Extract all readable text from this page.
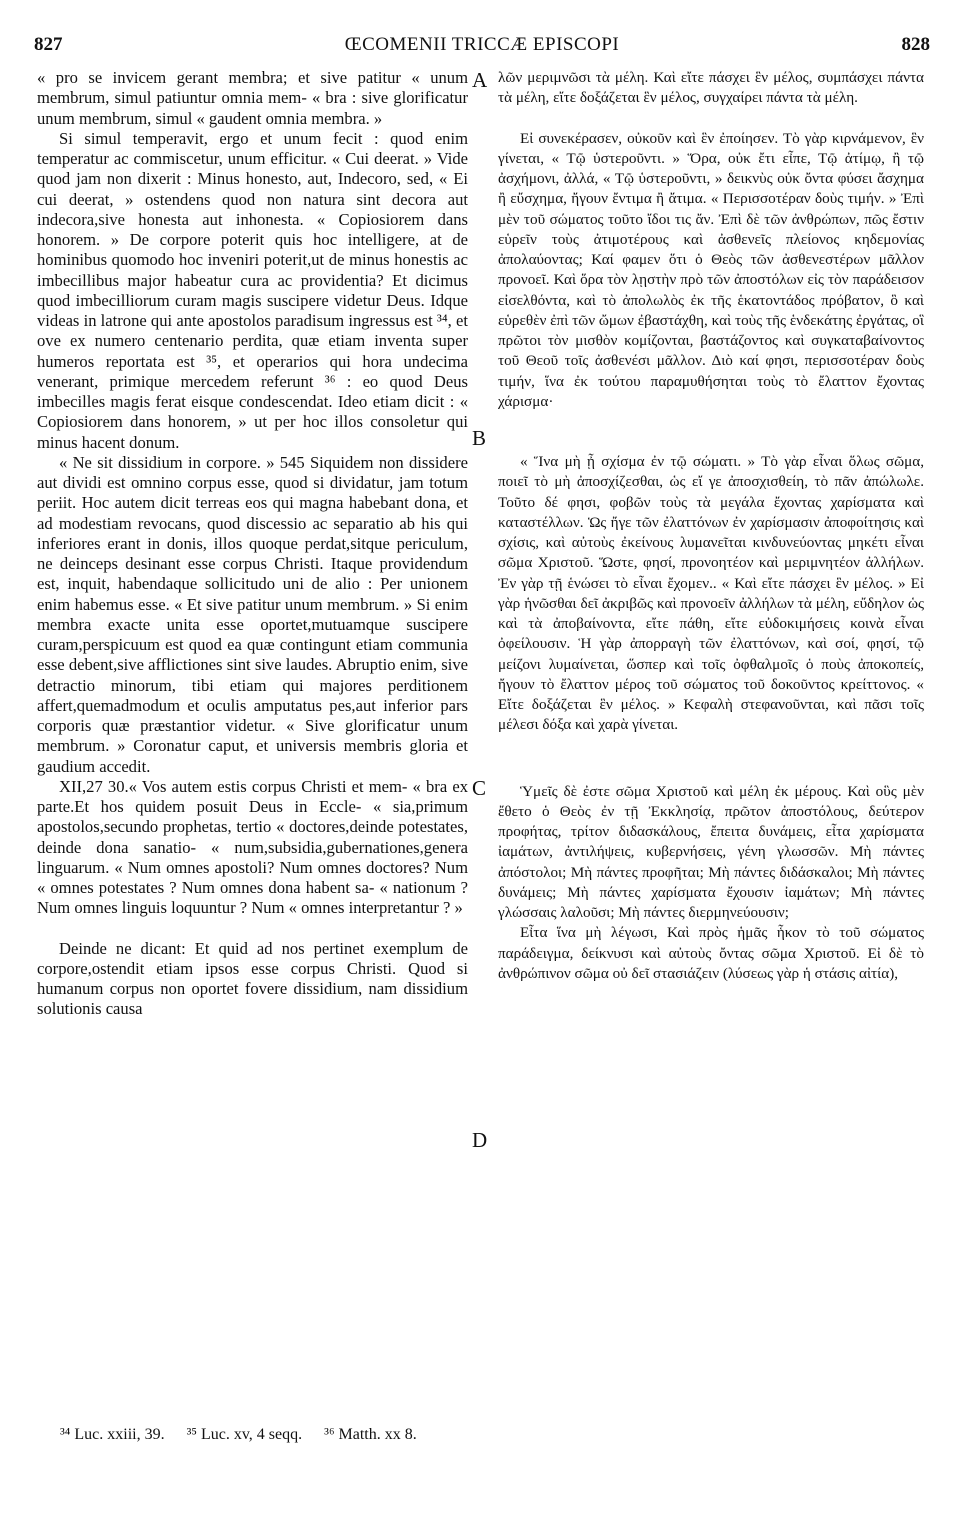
827	ŒCOMENII TRICCÆ EPISCOPI	828
A
B
C
D

« pro se invicem gerant membra; et sive patitur « unum membrum, simul patiuntur omnia mem- « bra : sive glorificatur unum membrum, simul « gaudent omnia membra. »

Si simul temperavit, ergo et unum fecit : quod enim temperatur ac commiscetur, unum efficitur. « Cui deerat. » Vide quod jam non dixerit : Minus honesto, aut, Indecoro, sed, « Ei cui deerat, » ostendens quod non natura sint decora aut indecora,sive honesta aut inhonesta. « Copiosiorem dans honorem. » De corpore poterit quis hoc intelligere, at de hominibus quomodo hoc inveniri poterit,ut de minus honestis ac imbecillibus major habeatur cura ac providentia? Et dicimus quod imbecilliorum curam magis suscipere videtur Deus. Idque videas in latrone qui ante apostolos paradisum ingressus est ³⁴, et ove ex numero centenario perdita, quæ etiam inventa super humeros reportata est ³⁵, et operarios qui hora undecima venerant, primique mercedem referunt ³⁶ : eo quod Deus imbecilles magis ferat eisque condescendat. Ideo etiam dicit : « Copiosiorem dans honorem, » ut per hoc illos consoletur qui minus hacent donum.

« Ne sit dissidium in corpore. » 545 Siquidem non dissidere aut dividi est omnino corpus esse, quod si dividatur, jam totum periit. Hoc autem dicit terreas eos qui magna habebant dona, et ad modestiam revocans, quod discessio ac separatio ab his qui inferiores erant in donis, illos quoque perdat,sitque periculum, ne deinceps desinant esse corpus Christi. Itaque providendum est, inquit, habendaque sollicitudo uni de alio : Per unionem enim habemus esse. « Et sive patitur unum membrum. » Si enim membra exacte unita esse oportet,mutuamque suscipere curam,perspicuum est quod ea quæ contingunt etiam communia esse debent,sive afflictiones sint sive laudes. Abruptio enim, sive detractio minorum, tibi etiam qui majores perditionem affert,quemadmodum et oculis amputatus pes,aut inferior pars corporis quæ præstantior videtur. « Sive glorificatur unum membrum. » Coronatur caput, et universis membris gloria et gaudium accedit.

XII,27 30.« Vos autem estis corpus Christi et mem- « bra ex parte.Et hos quidem posuit Deus in Eccle- « sia,primum apostolos,secundo prophetas, tertio « doctores,deinde potestates, deinde dona sanatio- « num,subsidia,gubernationes,genera linguarum. « Num omnes apostoli? Num omnes doctores? Num « omnes potestates ? Num omnes dona habent sa- « nationum ? Num omnes linguis loquuntur ? Num « omnes interpretantur ? »

Deinde ne dicant: Et quid ad nos pertinet exemplum de corpore,ostendit etiam ipsos esse corpus Christi. Quod si humanum corpus non oportet fovere dissidium, nam dissidium solutionis causa

λῶν μεριμνῶσι τὰ μέλη. Καὶ εἴτε πάσχει ἓν μέλος, συμπάσχει πάντα τὰ μέλη, εἴτε δοξάζεται ἓν μέλος, συγχαίρει πάντα τὰ μέλη.

Εἰ συνεκέρασεν, οὐκοῦν καὶ ἓν ἐποίησεν. Τὸ γὰρ κιρνάμενον, ἓν γίνεται, « Τῷ ὑστεροῦντι. » Ὅρα, οὐκ ἔτι εἶπε, Τῷ ἀτίμῳ, ἢ τῷ ἀσχήμονι, ἀλλά, « Τῷ ὑστεροῦντι, » δεικνὺς οὐκ ὄντα φύσει ἄσχημα ἢ εὔσχημα, ἤγουν ἔντιμα ἢ ἄτιμα. « Περισσοτέραν δοὺς τιμήν. » Ἐπὶ μὲν τοῦ σώματος τοῦτο ἴδοι τις ἄν. Ἐπὶ δὲ τῶν ἀνθρώπων, πῶς ἔστιν εὑρεῖν τοὺς ἀτιμοτέρους καὶ ἀσθενεῖς πλείονος κηδεμονίας ἀπολαύοντας; Καί φαμεν ὅτι ὁ Θεὸς τῶν ἀσθενεστέρων μᾶλλον προνοεῖ. Καὶ ὅρα τὸν λῃστὴν πρὸ τῶν ἀποστόλων εἰς τὸν παράδεισον εἰσελθόντα, καὶ τὸ ἀπολωλὸς ἐκ τῆς ἑκατοντάδος πρόβατον, ὃ καὶ εὑρεθὲν ἐπὶ τῶν ὤμων ἐβαστάχθη, καὶ τοὺς τῆς ἑνδεκάτης ἐργάτας, οἳ πρῶτοι τὸν μισθὸν κομίζονται, βαστάζοντος καὶ συγκαταβαίνοντος τοῦ Θεοῦ τοῖς ἀσθενέσι μᾶλλον. Διὸ καί φησι, περισσοτέραν δοὺς τιμήν, ἵνα ἐκ τούτου παραμυθήσηται τοὺς τὸ ἔλαττον ἔχοντας χάρισμα·

« Ἵνα μὴ ᾖ σχίσμα ἐν τῷ σώματι. » Τὸ γὰρ εἶναι ὅλως σῶμα, ποιεῖ τὸ μὴ ἀποσχίζεσθαι, ὡς εἴ γε ἀποσχισθείη, τὸ πᾶν ἀπώλωλε. Τοῦτο δέ φησι, φοβῶν τοὺς τὰ μεγάλα ἔχοντας χαρίσματα καὶ καταστέλλων. Ὡς ἤγε τῶν ἐλαττόνων ἐν χαρίσμασιν ἀποφοίτησις καὶ σχίσις, καὶ αὐτοὺς ἐκείνους λυμανεῖται κινδυνεύοντας μηκέτι εἶναι σῶμα Χριστοῦ. Ὥστε, φησί, προνοητέον καὶ μεριμνητέον ἀλλήλων. Ἐν γὰρ τῇ ἑνώσει τὸ εἶναι ἔχομεν.. « Καὶ εἴτε πάσχει ἓν μέλος. » Εἰ γὰρ ἡνῶσθαι δεῖ ἀκριβῶς καὶ προνοεῖν ἀλλήλων τὰ μέλη, εὔδηλον ὡς καὶ τὰ ἀποβαίνοντα, εἴτε πάθη, εἴτε εὐδοκιμήσεις κοινὰ εἶναι ὀφείλουσιν. Ἡ γὰρ ἀπορραγὴ τῶν ἐλαττόνων, καὶ σοί, φησί, τῷ μείζονι λυμαίνεται, ὥσπερ καὶ τοῖς ὀφθαλμοῖς ὁ ποὺς ἀποκοπείς, ἤγουν τὸ ἔλαττον μέρος τοῦ σώματος τοῦ δοκοῦντος κρείττονος. « Εἴτε δοξάζεται ἓν μέλος. » Κεφαλὴ στεφανοῦνται, καὶ πᾶσι τοῖς μέλεσι δόξα καὶ χαρὰ γίνεται.

Ὑμεῖς δὲ ἐστε σῶμα Χριστοῦ καὶ μέλη ἐκ μέρους. Καὶ οὓς μὲν ἔθετο ὁ Θεὸς ἐν τῇ Ἐκκλησίᾳ, πρῶτον ἀποστόλους, δεύτερον προφήτας, τρίτον διδασκάλους, ἔπειτα δυνάμεις, εἶτα χαρίσματα ἰαμάτων, ἀντιλήψεις, κυβερνήσεις, γένη γλωσσῶν. Μὴ πάντες ἀπόστολοι; Μὴ πάντες προφῆται; Μὴ πάντες διδάσκαλοι; Μὴ πάντες δυνάμεις; Μὴ πάντες χαρίσματα ἔχουσιν ἰαμάτων; Μὴ πάντες γλώσσαις λαλοῦσι; Μὴ πάντες διερμηνεύουσιν;

Εἶτα ἵνα μὴ λέγωσι, Καὶ πρὸς ἡμᾶς ἧκον τὸ τοῦ σώματος παράδειγμα, δείκνυσι καὶ αὐτοὺς ὄντας σῶμα Χριστοῦ. Εἰ δὲ τὸ ἀνθρώπινον σῶμα οὐ δεῖ στασιάζειν (λύσεως γὰρ ἡ στάσις αἰτία),

³⁴ Luc. xxiii, 39. ³⁵ Luc. xv, 4 seqq. ³⁶ Matth. xx 8.
